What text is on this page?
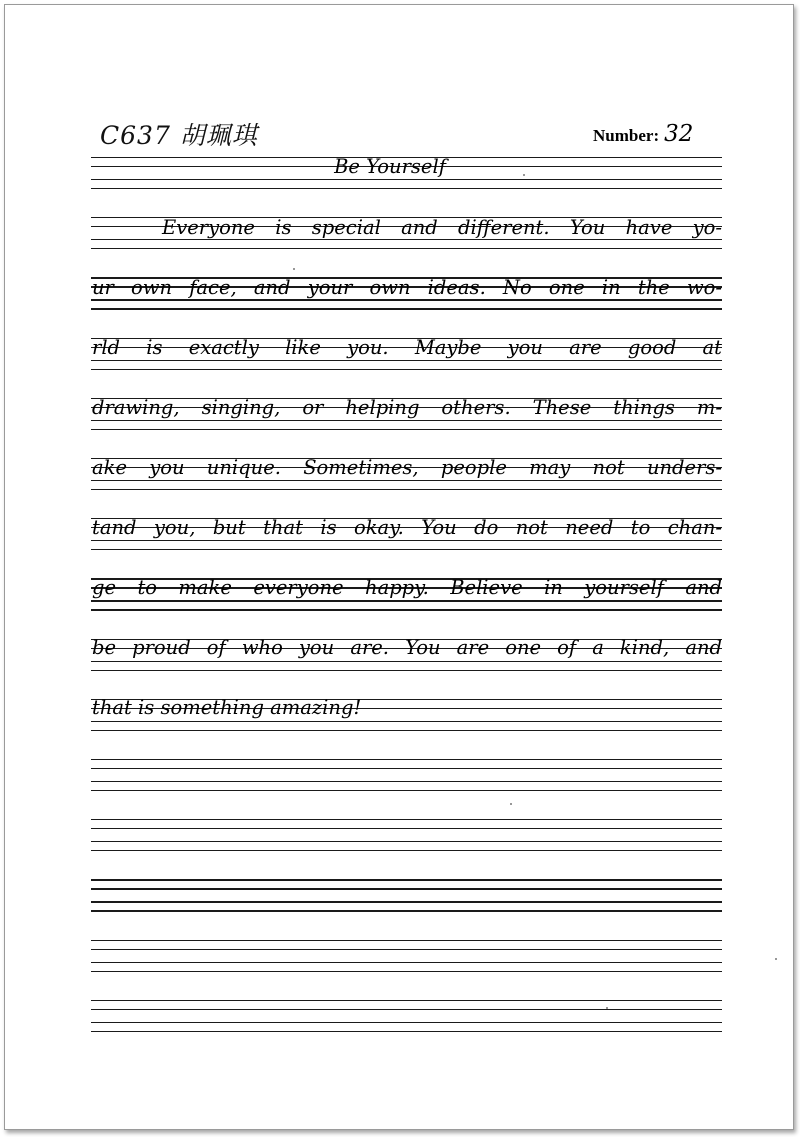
C637 胡珮琪	Number: 32
Be Yourself
Everyone is special and different. You have yo-
ur own face, and your own ideas. No one in the wo-
rld is exactly like you. Maybe you are good at
drawing, singing, or helping others. These things m-
ake you unique. Sometimes, people may not unders-
tand you, but that is okay. You do not need to chan-
ge to make everyone happy. Believe in yourself and
be proud of who you are. You are one of a kind, and
that is something amazing!
